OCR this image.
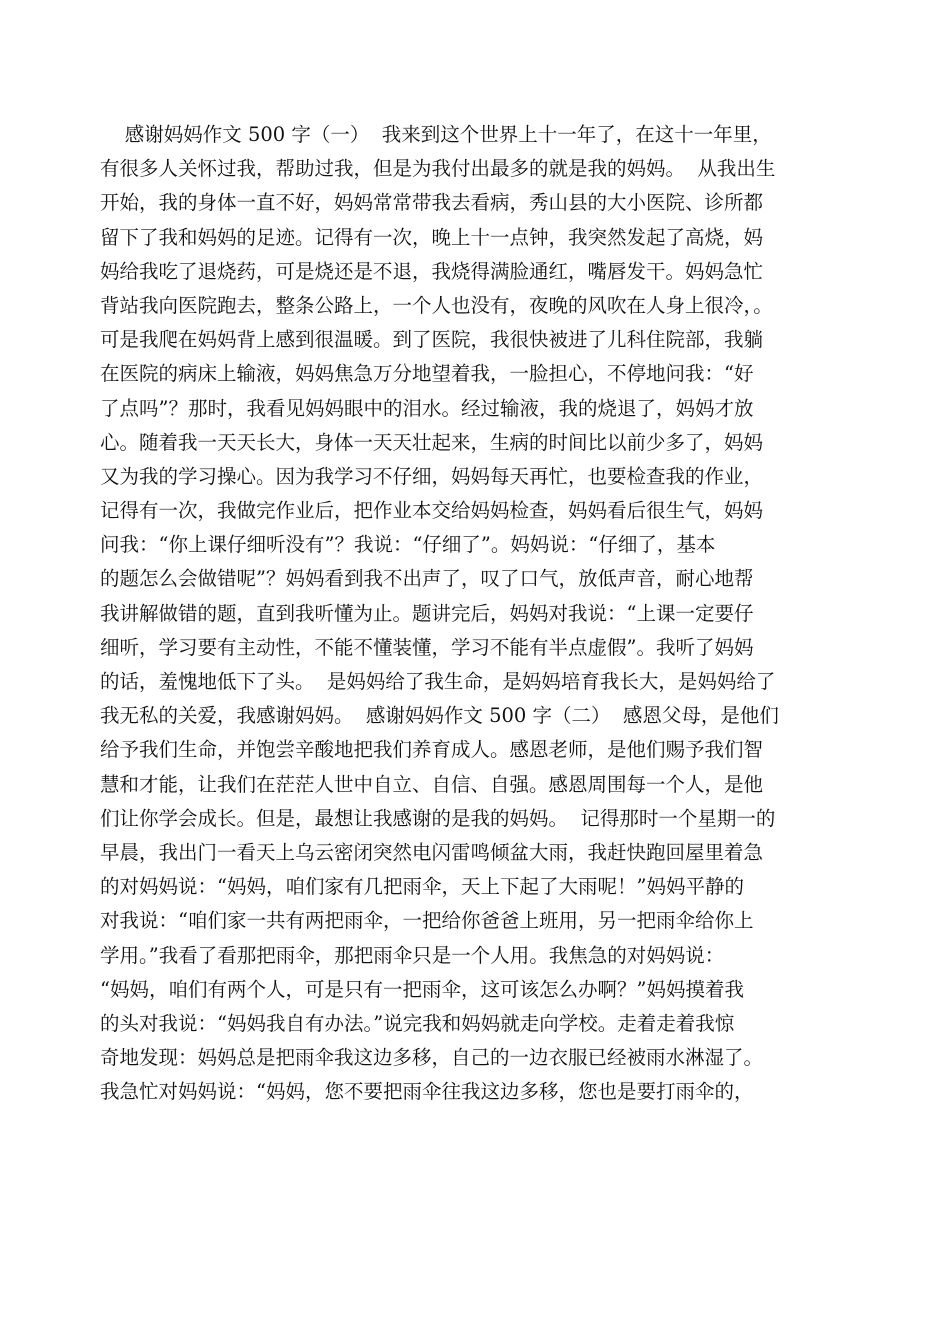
感谢妈妈作文 500 字（一）  我来到这个世界上十一年了，在这十一年里，
有很多人关怀过我，帮助过我，但是为我付出最多的就是我的妈妈。  从我出生
开始，我的身体一直不好，妈妈常常带我去看病，秀山县的大小医院、诊所都
留下了我和妈妈的足迹。记得有一次，晚上十一点钟，我突然发起了高烧，妈
妈给我吃了退烧药，可是烧还是不退，我烧得满脸通红，嘴唇发干。妈妈急忙
背站我向医院跑去，整条公路上，一个人也没有，夜晚的风吹在人身上很冷，。
可是我爬在妈妈背上感到很温暖。到了医院，我很快被进了儿科住院部，我躺
在医院的病床上输液，妈妈焦急万分地望着我，一脸担心，不停地问我：“好
了点吗”？那时，我看见妈妈眼中的泪水。经过输液，我的烧退了，妈妈才放
心。随着我一天天长大，身体一天天壮起来，生病的时间比以前少多了，妈妈
又为我的学习操心。因为我学习不仔细，妈妈每天再忙，也要检查我的作业，
记得有一次，我做完作业后，把作业本交给妈妈检查，妈妈看后很生气，妈妈
问我：“你上课仔细听没有”？我说：“仔细了”。妈妈说：“仔细了，基本
的题怎么会做错呢”？妈妈看到我不出声了，叹了口气，放低声音，耐心地帮
我讲解做错的题，直到我听懂为止。题讲完后，妈妈对我说：“上课一定要仔
细听，学习要有主动性，不能不懂装懂，学习不能有半点虚假”。我听了妈妈
的话，羞愧地低下了头。  是妈妈给了我生命，是妈妈培育我长大，是妈妈给了
我无私的关爱，我感谢妈妈。  感谢妈妈作文 500 字（二）  感恩父母，是他们
给予我们生命，并饱尝辛酸地把我们养育成人。感恩老师，是他们赐予我们智
慧和才能，让我们在茫茫人世中自立、自信、自强。感恩周围每一个人，是他
们让你学会成长。但是，最想让我感谢的是我的妈妈。  记得那时一个星期一的
早晨，我出门一看天上乌云密闭突然电闪雷鸣倾盆大雨，我赶快跑回屋里着急
的对妈妈说：“妈妈，咱们家有几把雨伞，天上下起了大雨呢！”妈妈平静的
对我说：“咱们家一共有两把雨伞，一把给你爸爸上班用，另一把雨伞给你上
学用。”我看了看那把雨伞，那把雨伞只是一个人用。我焦急的对妈妈说：
“妈妈，咱们有两个人，可是只有一把雨伞，这可该怎么办啊？”妈妈摸着我
的头对我说：“妈妈我自有办法。”说完我和妈妈就走向学校。走着走着我惊
奇地发现：妈妈总是把雨伞我这边多移，自己的一边衣服已经被雨水淋湿了。
我急忙对妈妈说：“妈妈，您不要把雨伞往我这边多移，您也是要打雨伞的，
